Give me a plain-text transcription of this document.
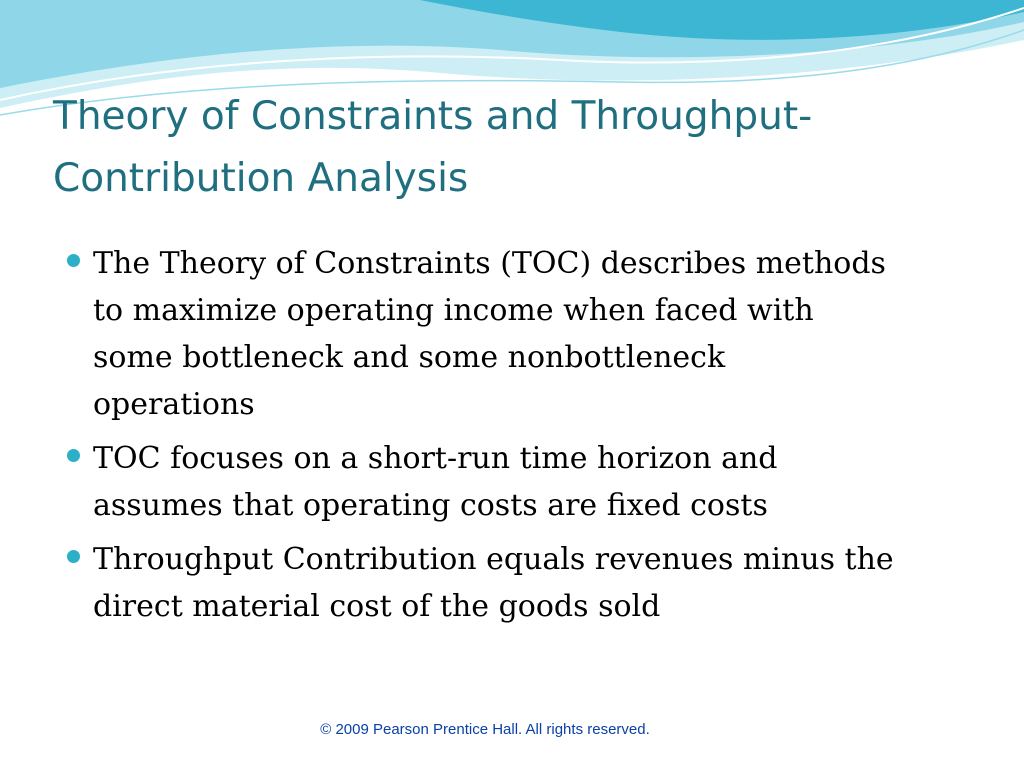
Theory of Constraints and Throughput-
Contribution Analysis
The Theory of Constraints (TOC) describes methods
to maximize operating income when faced with
some bottleneck and some nonbottleneck
operations
TOC focuses on a short-run time horizon and
assumes that operating costs are fixed costs
Throughput Contribution equals revenues minus the
direct material cost of the goods sold
© 2009 Pearson Prentice Hall. All rights reserved.
